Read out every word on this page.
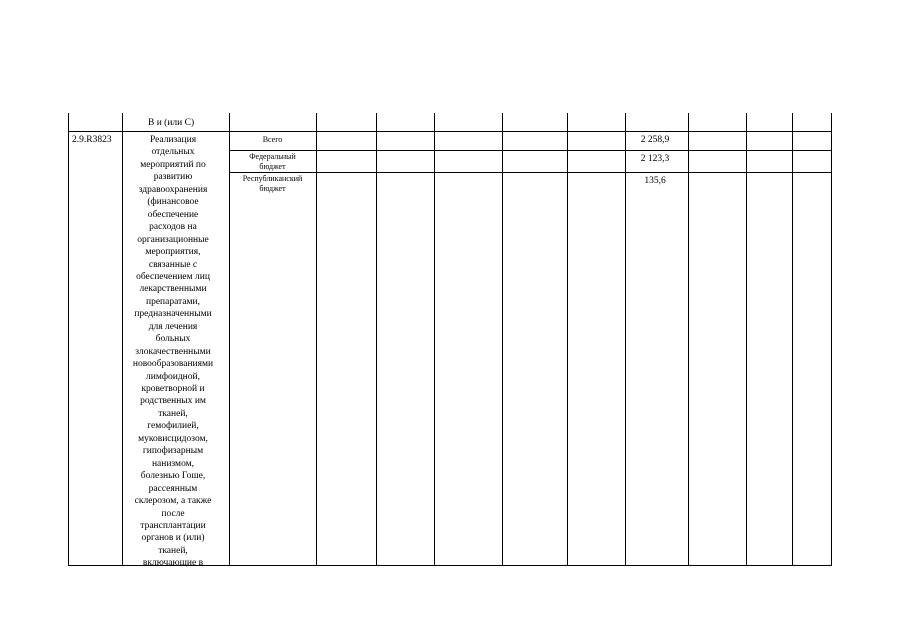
В и (или С)
2.9.R3823	Реализация
отдельных
мероприятий по
развитию
здравоохранения
(финансовое
обеспечение
расходов на
организационные
мероприятия,
связанные с
обеспечением лиц
лекарственными
препаратами,
предназначенными
для лечения
больных
злокачественными
новообразованиями
лимфоидной,
кроветворной и
родственных им
тканей,
гемофилией,
муковисцидозом,
гипофизарным
нанизмом,
болезнью Гоше,
рассеянным
склерозом, а также
после
трансплантации
органов и (или)
тканей,
включающие в
Всего
Федеральный
бюджет
Республиканский
бюджет
2 258,9
2 123,3
135,6
